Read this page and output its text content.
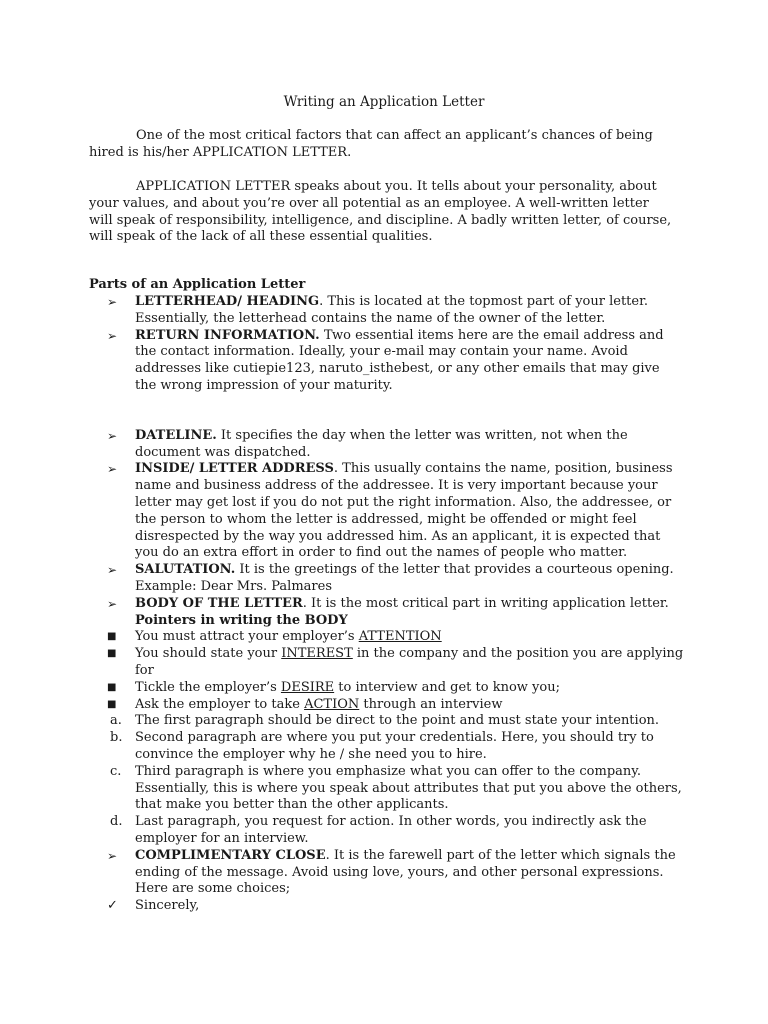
Writing an Application Letter
One of the most critical factors that can affect an applicant’s chances of being hired is his/her APPLICATION LETTER.
APPLICATION LETTER speaks about you. It tells about your personality, about your values, and about you’re over all potential as an employee. A well-written letter will speak of responsibility, intelligence, and discipline. A badly written letter, of course, will speak of the lack of all these essential qualities.
Parts of an Application Letter
➢	LETTERHEAD/ HEADING. This is located at the topmost part of your letter. Essentially, the letterhead contains the name of the owner of the letter.
➢	RETURN INFORMATION. Two essential items here are the email address and the contact information. Ideally, your e-mail may contain your name. Avoid addresses like cutiepie123, naruto_isthebest, or any other emails that may give the wrong impression of your maturity.
➢	DATELINE. It specifies the day when the letter was written, not when the document was dispatched.
➢	INSIDE/ LETTER ADDRESS. This usually contains the name, position, business name and business address of the addressee. It is very important because your letter may get lost if you do not put the right information. Also, the addressee, or the person to whom the letter is addressed, might be offended or might feel disrespected by the way you addressed him. As an applicant, it is expected that you do an extra effort in order to find out the names of people who matter.
➢	SALUTATION. It is the greetings of the letter that provides a courteous opening. Example: Dear Mrs. Palmares
➢	BODY OF THE LETTER. It is the most critical part in writing application letter.
Pointers in writing the BODY
■	You must attract your employer’s ATTENTION
■	You should state your INTEREST in the company and the position you are applying for
■	Tickle the employer’s DESIRE to interview and get to know you;
■	Ask the employer to take ACTION through an interview
a.	The first paragraph should be direct to the point and must state your intention.
b. Second paragraph are where you put your credentials. Here, you should try to convince the employer why he / she need you to hire.
c.	Third paragraph is where you emphasize what you can offer to the company. Essentially, this is where you speak about attributes that put you above the others, that make you better than the other applicants.
d. Last paragraph, you request for action. In other words, you indirectly ask the employer for an interview.
➢	COMPLIMENTARY CLOSE. It is the farewell part of the letter which signals the ending of the message. Avoid using love, yours, and other personal expressions. Here are some choices;
✓	Sincerely,
